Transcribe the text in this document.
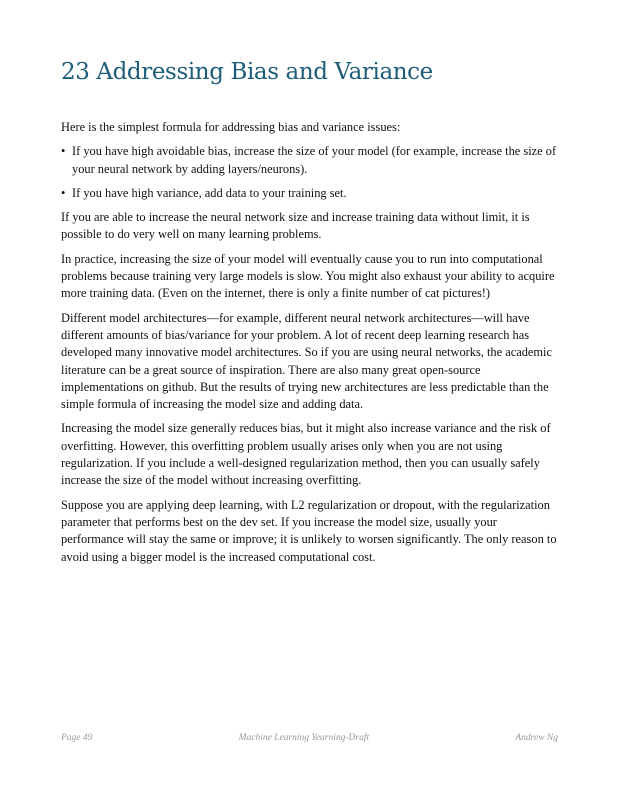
23 Addressing Bias and Variance

Here is the simplest formula for addressing bias and variance issues:

• If you have high avoidable bias, increase the size of your model (for example, increase the size of your neural network by adding layers/neurons).
• If you have high variance, add data to your training set.

If you are able to increase the neural network size and increase training data without limit, it is possible to do very well on many learning problems.

In practice, increasing the size of your model will eventually cause you to run into computational problems because training very large models is slow. You might also exhaust your ability to acquire more training data. (Even on the internet, there is only a finite number of cat pictures!)

Different model architectures—for example, different neural network architectures—will have different amounts of bias/variance for your problem. A lot of recent deep learning research has developed many innovative model architectures. So if you are using neural networks, the academic literature can be a great source of inspiration. There are also many great open-source implementations on github. But the results of trying new architectures are less predictable than the simple formula of increasing the model size and adding data.

Increasing the model size generally reduces bias, but it might also increase variance and the risk of overfitting. However, this overfitting problem usually arises only when you are not using regularization. If you include a well-designed regularization method, then you can usually safely increase the size of the model without increasing overfitting.

Suppose you are applying deep learning, with L2 regularization or dropout, with the regularization parameter that performs best on the dev set. If you increase the model size, usually your performance will stay the same or improve; it is unlikely to worsen significantly. The only reason to avoid using a bigger model is the increased computational cost.

Page 49	Machine Learning Yearning-Draft	Andrew Ng
